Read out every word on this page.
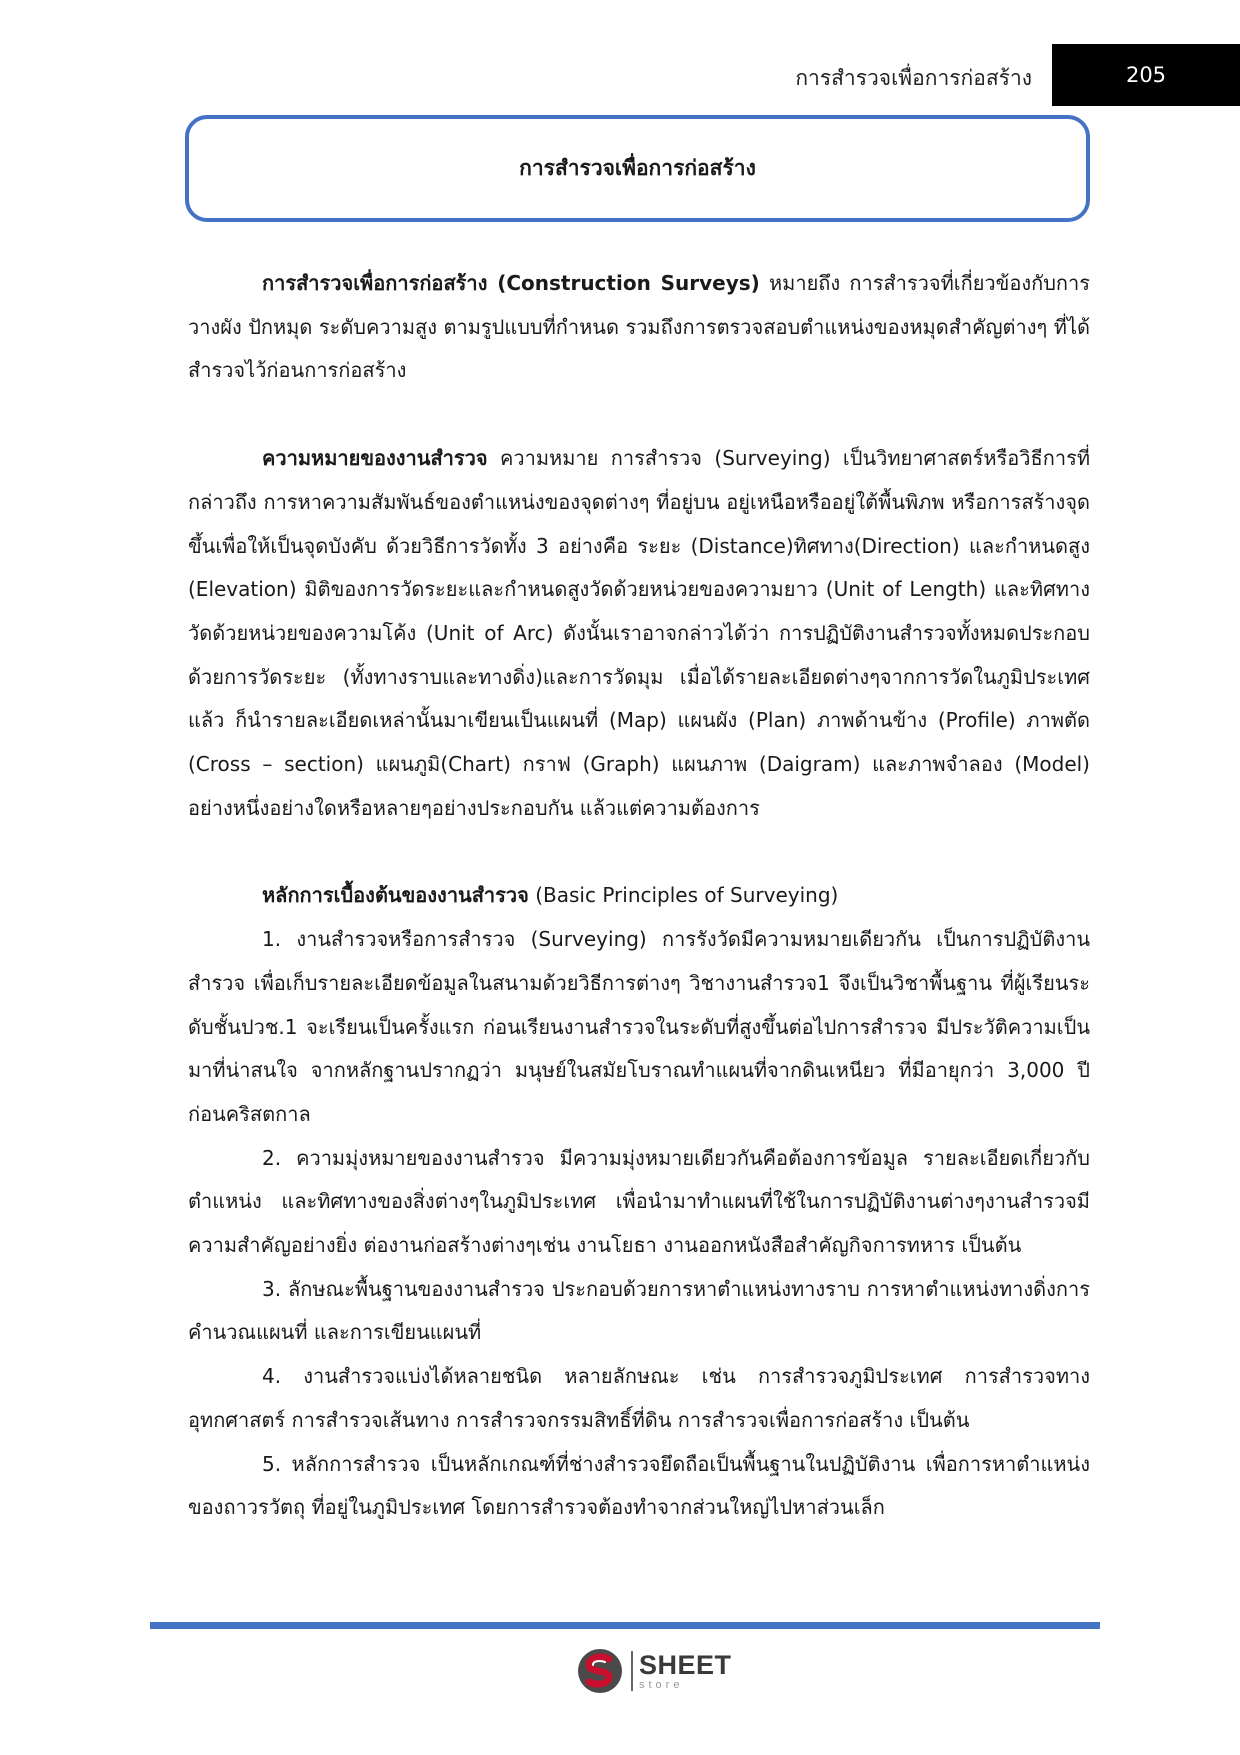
การสำรวจเพื่อการก่อสร้าง	205
การสำรวจเพื่อการก่อสร้าง

การสำรวจเพื่อการก่อสร้าง (Construction Surveys) หมายถึง การสำรวจที่เกี่ยวข้องกับการวางผัง ปักหมุด ระดับความสูง ตามรูปแบบที่กำหนด รวมถึงการตรวจสอบตำแหน่งของหมุดสำคัญต่างๆ ที่ได้สำรวจไว้ก่อนการก่อสร้าง

ความหมายของงานสำรวจ ความหมาย การสำรวจ (Surveying) เป็นวิทยาศาสตร์หรือวิธีการที่กล่าวถึง การหาความสัมพันธ์ของตำแหน่งของจุดต่างๆ ที่อยู่บน อยู่เหนือหรืออยู่ใต้พื้นพิภพ หรือการสร้างจุดขึ้นเพื่อให้เป็นจุดบังคับ ด้วยวิธีการวัดทั้ง 3 อย่างคือ ระยะ (Distance)ทิศทาง(Direction) และกำหนดสูง (Elevation) มิติของการวัดระยะและกำหนดสูงวัดด้วยหน่วยของความยาว (Unit of Length) และทิศทางวัดด้วยหน่วยของความโค้ง (Unit of Arc) ดังนั้นเราอาจกล่าวได้ว่า การปฏิบัติงานสำรวจทั้งหมดประกอบด้วยการวัดระยะ (ทั้งทางราบและทางดิ่ง)และการวัดมุม เมื่อได้รายละเอียดต่างๆจากการวัดในภูมิประเทศแล้ว ก็นำรายละเอียดเหล่านั้นมาเขียนเป็นแผนที่ (Map) แผนผัง (Plan) ภาพด้านข้าง (Profile) ภาพตัด (Cross – section) แผนภูมิ(Chart) กราฟ (Graph) แผนภาพ (Daigram) และภาพจำลอง (Model) อย่างหนึ่งอย่างใดหรือหลายๆอย่างประกอบกัน แล้วแต่ความต้องการ

หลักการเบื้องต้นของงานสำรวจ (Basic Principles of Surveying)

1. งานสำรวจหรือการสำรวจ (Surveying) การรังวัดมีความหมายเดียวกัน เป็นการปฏิบัติงานสำรวจ เพื่อเก็บรายละเอียดข้อมูลในสนามด้วยวิธีการต่างๆ วิชางานสำรวจ1 จึงเป็นวิชาพื้นฐาน ที่ผู้เรียนระดับชั้นปวช.1 จะเรียนเป็นครั้งแรก ก่อนเรียนงานสำรวจในระดับที่สูงขึ้นต่อไปการสำรวจ มีประวัติความเป็นมาที่น่าสนใจ จากหลักฐานปรากฏว่า มนุษย์ในสมัยโบราณทำแผนที่จากดินเหนียว ที่มีอายุกว่า 3,000 ปีก่อนคริสตกาล

2. ความมุ่งหมายของงานสำรวจ มีความมุ่งหมายเดียวกันคือต้องการข้อมูล รายละเอียดเกี่ยวกับตำแหน่ง และทิศทางของสิ่งต่างๆในภูมิประเทศ เพื่อนำมาทำแผนที่ใช้ในการปฏิบัติงานต่างๆงานสำรวจมีความสำคัญอย่างยิ่ง ต่องานก่อสร้างต่างๆเช่น งานโยธา งานออกหนังสือสำคัญกิจการทหาร เป็นต้น

3. ลักษณะพื้นฐานของงานสำรวจ ประกอบด้วยการหาตำแหน่งทางราบ การหาตำแหน่งทางดิ่งการคำนวณแผนที่ และการเขียนแผนที่

4. งานสำรวจแบ่งได้หลายชนิด หลายลักษณะ เช่น การสำรวจภูมิประเทศ การสำรวจทางอุทกศาสตร์ การสำรวจเส้นทาง การสำรวจกรรมสิทธิ์ที่ดิน การสำรวจเพื่อการก่อสร้าง เป็นต้น

5. หลักการสำรวจ เป็นหลักเกณฑ์ที่ช่างสำรวจยึดถือเป็นพื้นฐานในปฏิบัติงาน เพื่อการหาตำแหน่งของถาวรวัตถุ ที่อยู่ในภูมิประเทศ โดยการสำรวจต้องทำจากส่วนใหญ่ไปหาส่วนเล็ก

SHEET
store
